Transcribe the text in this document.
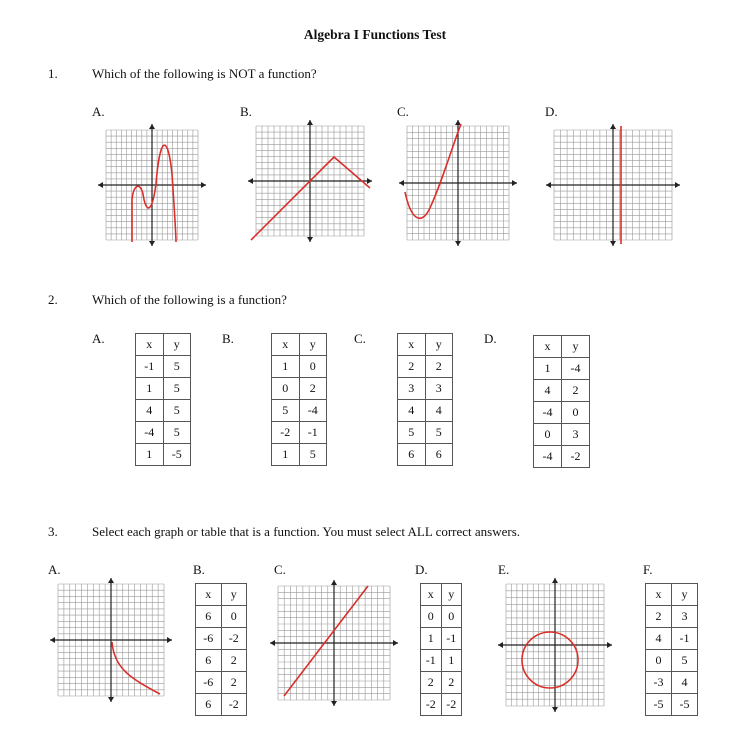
Algebra I Functions Test
1.	Which of the following is NOT a function?
A.	B.	C.	D.
2.	Which of the following is a function?
A.	B.	C.	D.
x	y
-1	5
1	5
4	5
-4	5
1	-5
x	y
1	0
0	2
5	-4
-2	-1
1	5
x	y
2	2
3	3
4	4
5	5
6	6
x	y
1	-4
4	2
-4	0
0	3
-4	-2
3.	Select each graph or table that is a function. You must select ALL correct answers.
A.	B.	C.	D.	E.	F.
x	y
6	0
-6	-2
6	2
-6	2
6	-2
x	y
0	0
1	-1
-1	1
2	2
-2	-2
x	y
2	3
4	-1
0	5
-3	4
-5	-5
